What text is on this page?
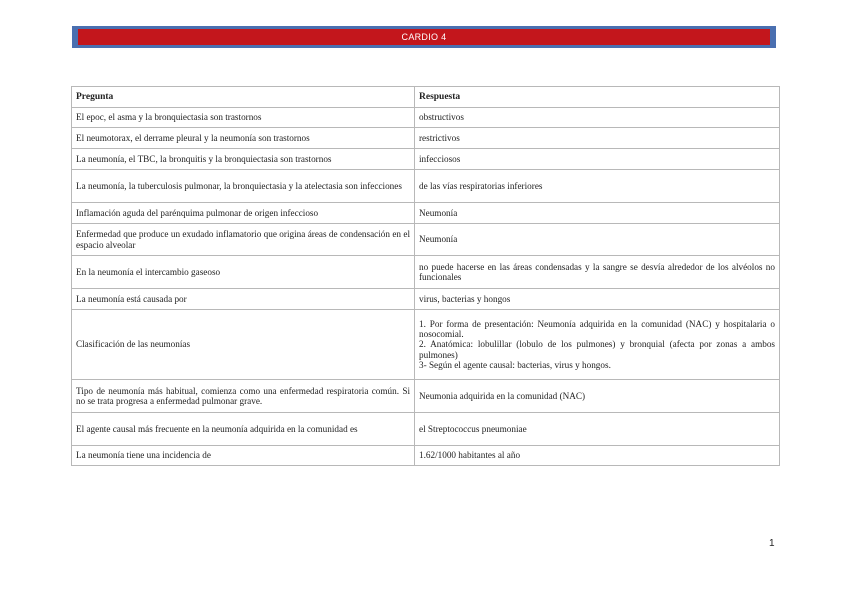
CARDIO 4
Pregunta	Respuesta
El epoc, el asma y la bronquiectasia son trastornos	obstructivos

El neumotorax, el derrame pleural y la neumonía son trastornos	restrictivos

La neumonía, el TBC, la bronquitis y la bronquiectasia son trastornos	infecciosos

La neumonía, la tuberculosis pulmonar, la bronquiectasia y la atelectasia son infecciones	de las vías respiratorias inferiores

Inflamación aguda del parénquima pulmonar de origen infeccioso	Neumonía

Enfermedad que produce un exudado inflamatorio que origina áreas de condensación en el espacio alveolar	Neumonía

En la neumonía el intercambio gaseoso	no puede hacerse en las áreas condensadas y la sangre se desvía alrededor de los alvéolos no funcionales

La neumonía está causada por	virus, bacterias y hongos

Clasificación de las neumonías	1. Por forma de presentación: Neumonía adquirida en la comunidad (NAC) y hospitalaria o nosocomial.
2. Anatómica: lobulillar (lobulo de los pulmones) y bronquial (afecta por zonas a ambos pulmones)
3- Según el agente causal: bacterias, virus y hongos.

Tipo de neumonía más habitual, comienza como una enfermedad respiratoria común. Si no se trata progresa a enfermedad pulmonar grave.	Neumonia adquirida en la comunidad (NAC)

El agente causal más frecuente en la neumonía adquirida en la comunidad es	el Streptococcus pneumoniae

La neumonía tiene una incidencia de	1.62/1000 habitantes al año
1
